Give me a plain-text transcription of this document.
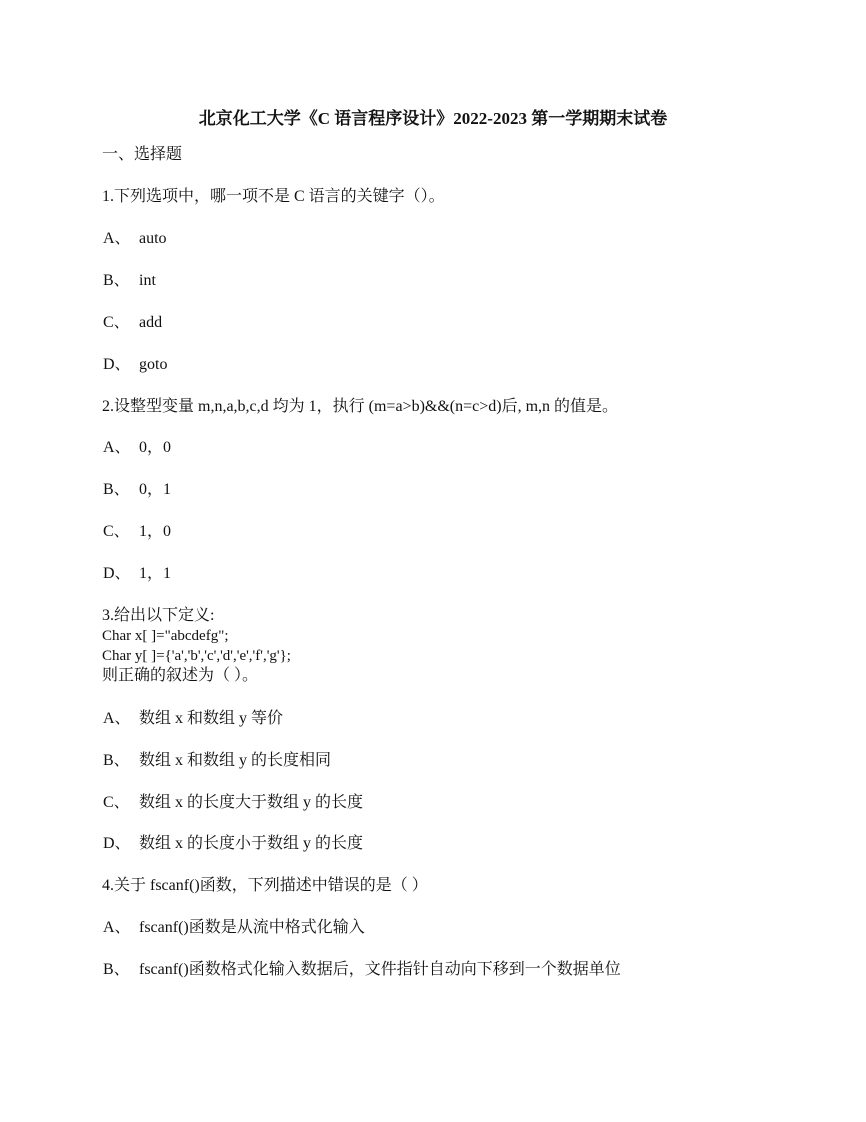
北京化工大学《C 语言程序设计》2022-2023 第一学期期末试卷
一、选择题
1.下列选项中，哪一项不是 C 语言的关键字（）。
A、 auto
B、 int
C、 add
D、 goto
2.设整型变量 m,n,a,b,c,d 均为 1，执行 (m=a>b)&&(n=c>d)后, m,n 的值是。
A、 0，0
B、 0，1
C、 1，0
D、 1，1
3.给出以下定义:
Char x[ ]="abcdefg";
Char y[ ]={'a','b','c','d','e','f','g'};
则正确的叙述为（ ）。
A、 数组 x 和数组 y 等价
B、 数组 x 和数组 y 的长度相同
C、 数组 x 的长度大于数组 y 的长度
D、 数组 x 的长度小于数组 y 的长度
4.关于 fscanf()函数，下列描述中错误的是（ ）
A、 fscanf()函数是从流中格式化输入
B、 fscanf()函数格式化输入数据后，文件指针自动向下移到一个数据单位
